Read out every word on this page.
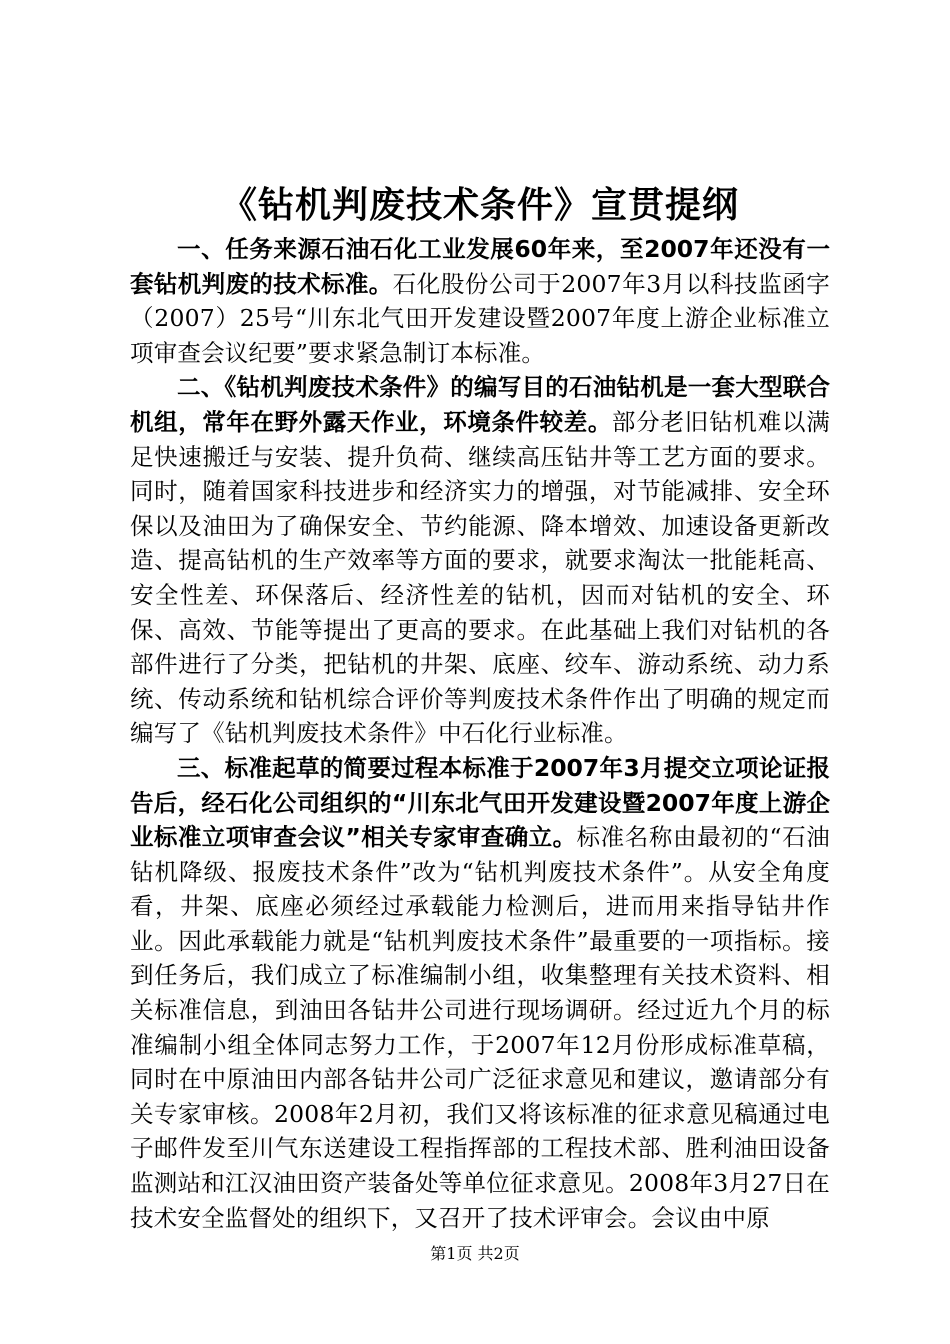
《钻机判废技术条件》宣贯提纲

一、任务来源石油石化工业发展60年来，至2007年还没有一套钻机判废的技术标准。石化股份公司于2007年3月以科技监函字（2007）25号“川东北气田开发建设暨2007年度上游企业标准立项审查会议纪要”要求紧急制订本标准。

二、《钻机判废技术条件》的编写目的石油钻机是一套大型联合机组，常年在野外露天作业，环境条件较差。部分老旧钻机难以满足快速搬迁与安装、提升负荷、继续高压钻井等工艺方面的要求。同时，随着国家科技进步和经济实力的增强，对节能减排、安全环保以及油田为了确保安全、节约能源、降本增效、加速设备更新改造、提高钻机的生产效率等方面的要求，就要求淘汰一批能耗高、安全性差、环保落后、经济性差的钻机，因而对钻机的安全、环保、高效、节能等提出了更高的要求。在此基础上我们对钻机的各部件进行了分类，把钻机的井架、底座、绞车、游动系统、动力系统、传动系统和钻机综合评价等判废技术条件作出了明确的规定而编写了《钻机判废技术条件》中石化行业标准。

三、标准起草的简要过程本标准于2007年3月提交立项论证报告后，经石化公司组织的“川东北气田开发建设暨2007年度上游企业标准立项审查会议”相关专家审查确立。标准名称由最初的“石油钻机降级、报废技术条件”改为“钻机判废技术条件”。从安全角度看，井架、底座必须经过承载能力检测后，进而用来指导钻井作业。因此承载能力就是“钻机判废技术条件”最重要的一项指标。接到任务后，我们成立了标准编制小组，收集整理有关技术资料、相关标准信息，到油田各钻井公司进行现场调研。经过近九个月的标准编制小组全体同志努力工作，于2007年12月份形成标准草稿，同时在中原油田内部各钻井公司广泛征求意见和建议，邀请部分有关专家审核。2008年2月初，我们又将该标准的征求意见稿通过电子邮件发至川气东送建设工程指挥部的工程技术部、胜利油田设备监测站和江汉油田资产装备处等单位征求意见。2008年3月27日在技术安全监督处的组织下，又召开了技术评审会。会议由中原

第1页 共2页
